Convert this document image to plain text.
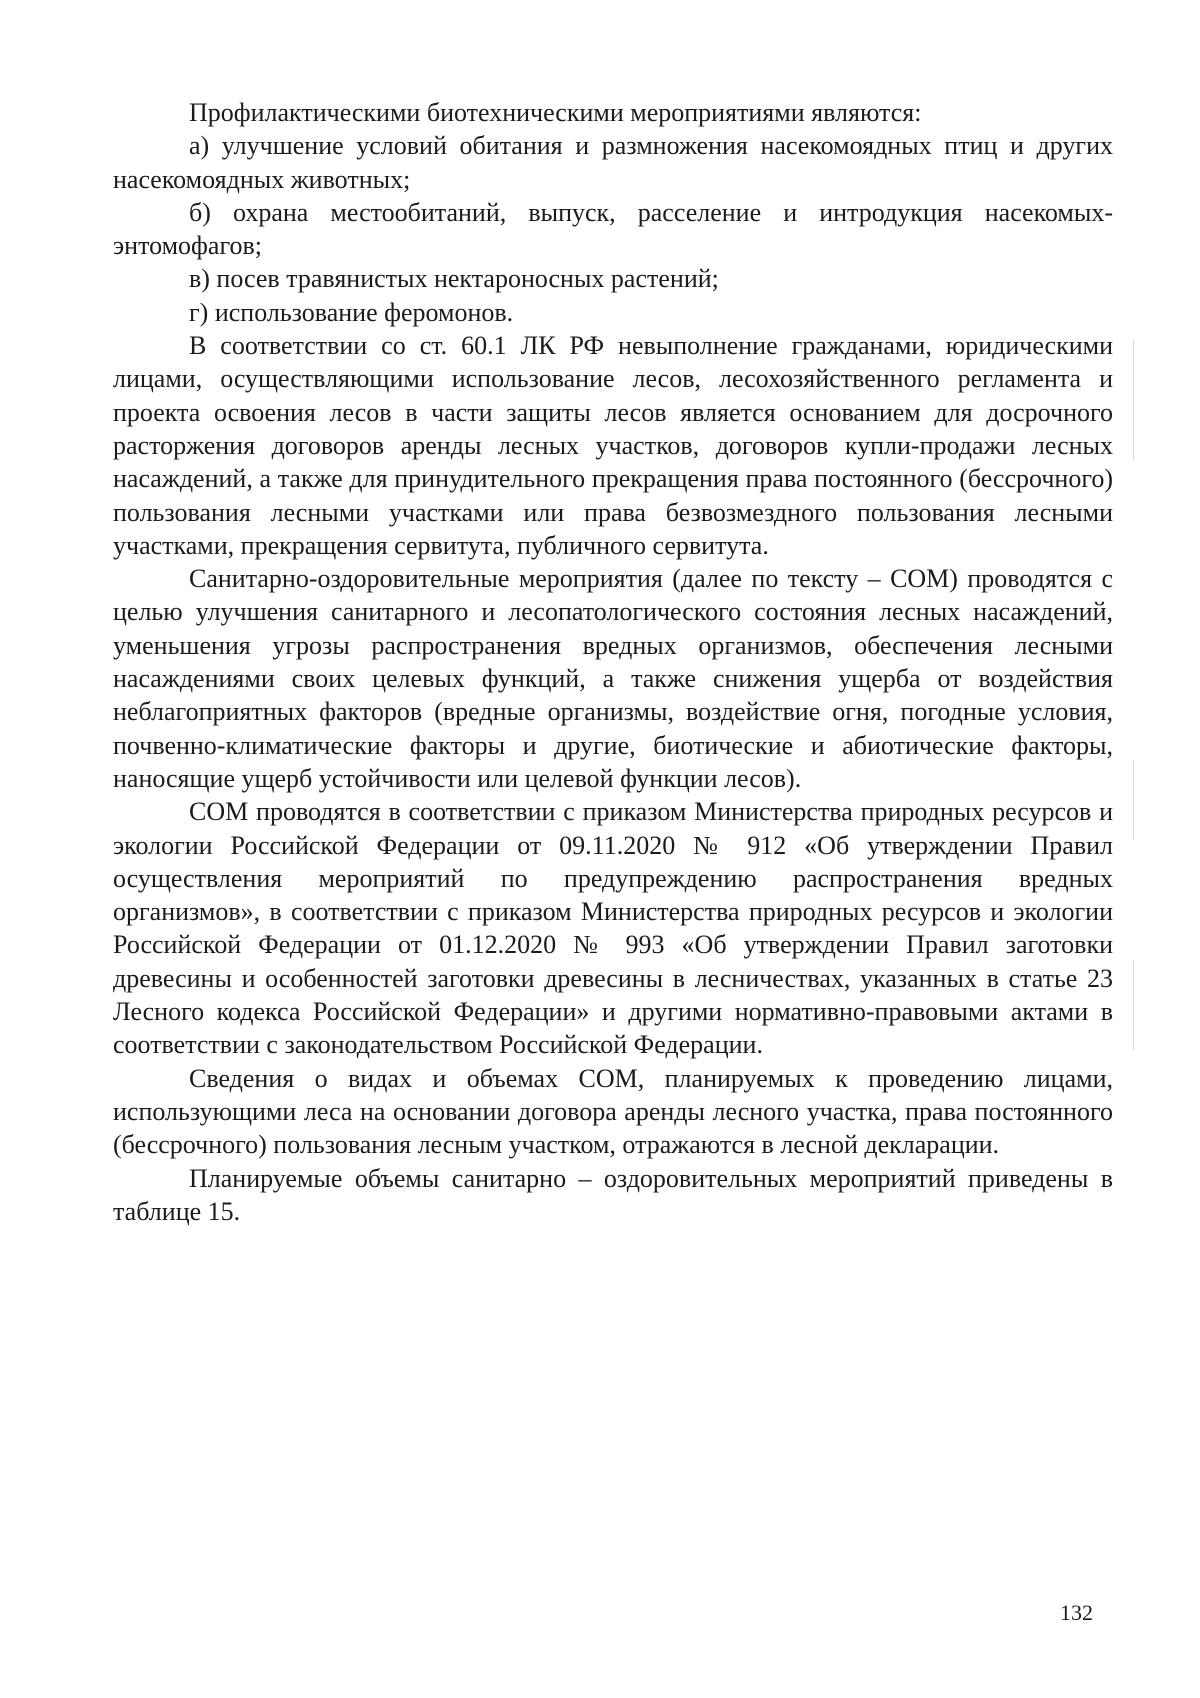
Профилактическими биотехническими мероприятиями являются:

а) улучшение условий обитания и размножения насекомоядных птиц и других насекомоядных животных;

б) охрана местообитаний, выпуск, расселение и интродукция насекомых-энтомофагов;

в) посев травянистых нектароносных растений;

г) использование феромонов.

В соответствии со ст. 60.1 ЛК РФ невыполнение гражданами, юридическими лицами, осуществляющими использование лесов, лесохозяйственного регламента и проекта освоения лесов в части защиты лесов является основанием для досрочного расторжения договоров аренды лесных участков, договоров купли-продажи лесных насаждений, а также для принудительного прекращения права постоянного (бессрочного) пользования лесными участками или права безвозмездного пользования лесными участками, прекращения сервитута, публичного сервитута.

Санитарно-оздоровительные мероприятия (далее по тексту – СОМ) проводятся с целью улучшения санитарного и лесопатологического состояния лесных насаждений, уменьшения угрозы распространения вредных организмов, обеспечения лесными насаждениями своих целевых функций, а также снижения ущерба от воздействия неблагоприятных факторов (вредные организмы, воздействие огня, погодные условия, почвенно-климатические факторы и другие, биотические и абиотические факторы, наносящие ущерб устойчивости или целевой функции лесов).

СОМ проводятся в соответствии с приказом Министерства природных ресурсов и экологии Российской Федерации от 09.11.2020 № 912 «Об утверждении Правил осуществления мероприятий по предупреждению распространения вредных организмов», в соответствии с приказом Министерства природных ресурсов и экологии Российской Федерации от 01.12.2020 № 993 «Об утверждении Правил заготовки древесины и особенностей заготовки древесины в лесничествах, указанных в статье 23 Лесного кодекса Российской Федерации» и другими нормативно-правовыми актами в соответствии с законодательством Российской Федерации.

Сведения о видах и объемах СОМ, планируемых к проведению лицами, использующими леса на основании договора аренды лесного участка, права постоянного (бессрочного) пользования лесным участком, отражаются в лесной декларации.

Планируемые объемы санитарно – оздоровительных мероприятий приведены в таблице 15.

132
